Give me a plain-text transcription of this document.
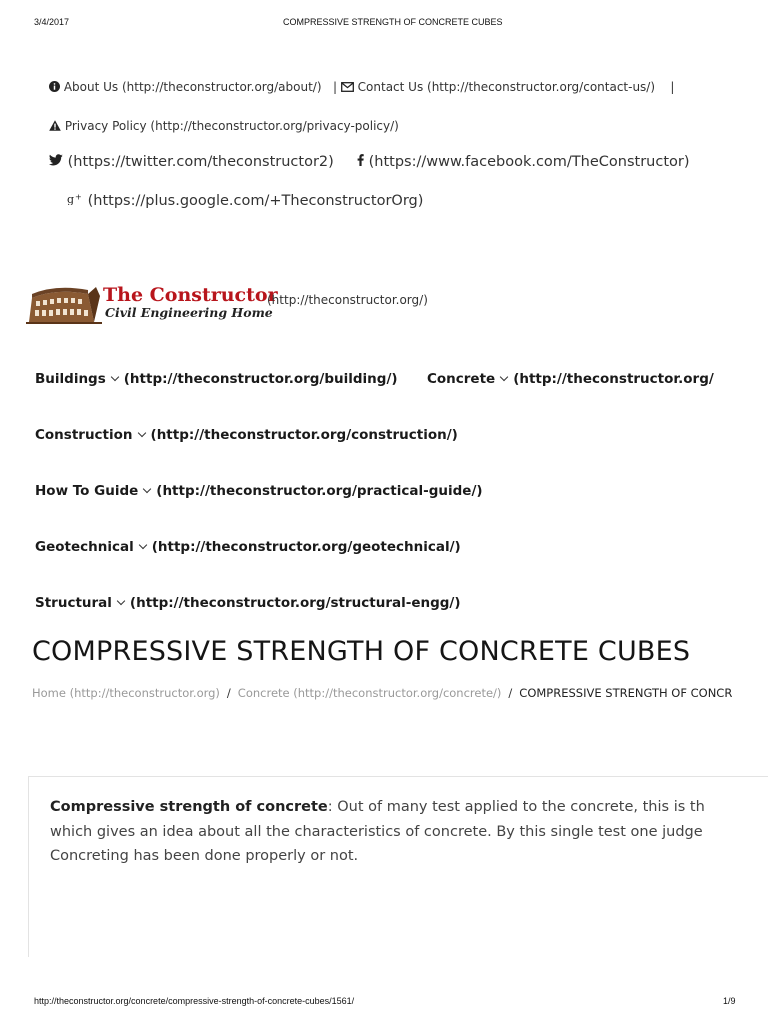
3/4/2017	COMPRESSIVE STRENGTH OF CONCRETE CUBES
About Us (http://theconstructor.org/about/) | Contact Us (http://theconstructor.org/contact-us/) |
Privacy Policy (http://theconstructor.org/privacy-policy/)
(https://twitter.com/theconstructor2) (https://www.facebook.com/TheConstructor)
g + (https://plus.google.com/+TheconstructorOrg)
The Constructor
Civil Engineering Home
(http://theconstructor.org/)
Buildings (http://theconstructor.org/building/) Concrete (http://theconstructor.org/
Construction (http://theconstructor.org/construction/)
How To Guide (http://theconstructor.org/practical-guide/)
Geotechnical (http://theconstructor.org/geotechnical/)
Structural (http://theconstructor.org/structural-engg/)
COMPRESSIVE STRENGTH OF CONCRETE CUBES
Home (http://theconstructor.org) / Concrete (http://theconstructor.org/concrete/) / COMPRESSIVE STRENGTH OF CONCR
Compressive strength of concrete: Out of many test applied to the concrete, this is th
which gives an idea about all the characteristics of concrete. By this single test one judge
Concreting has been done properly or not.
http://theconstructor.org/concrete/compressive-strength-of-concrete-cubes/1561/	1/9
